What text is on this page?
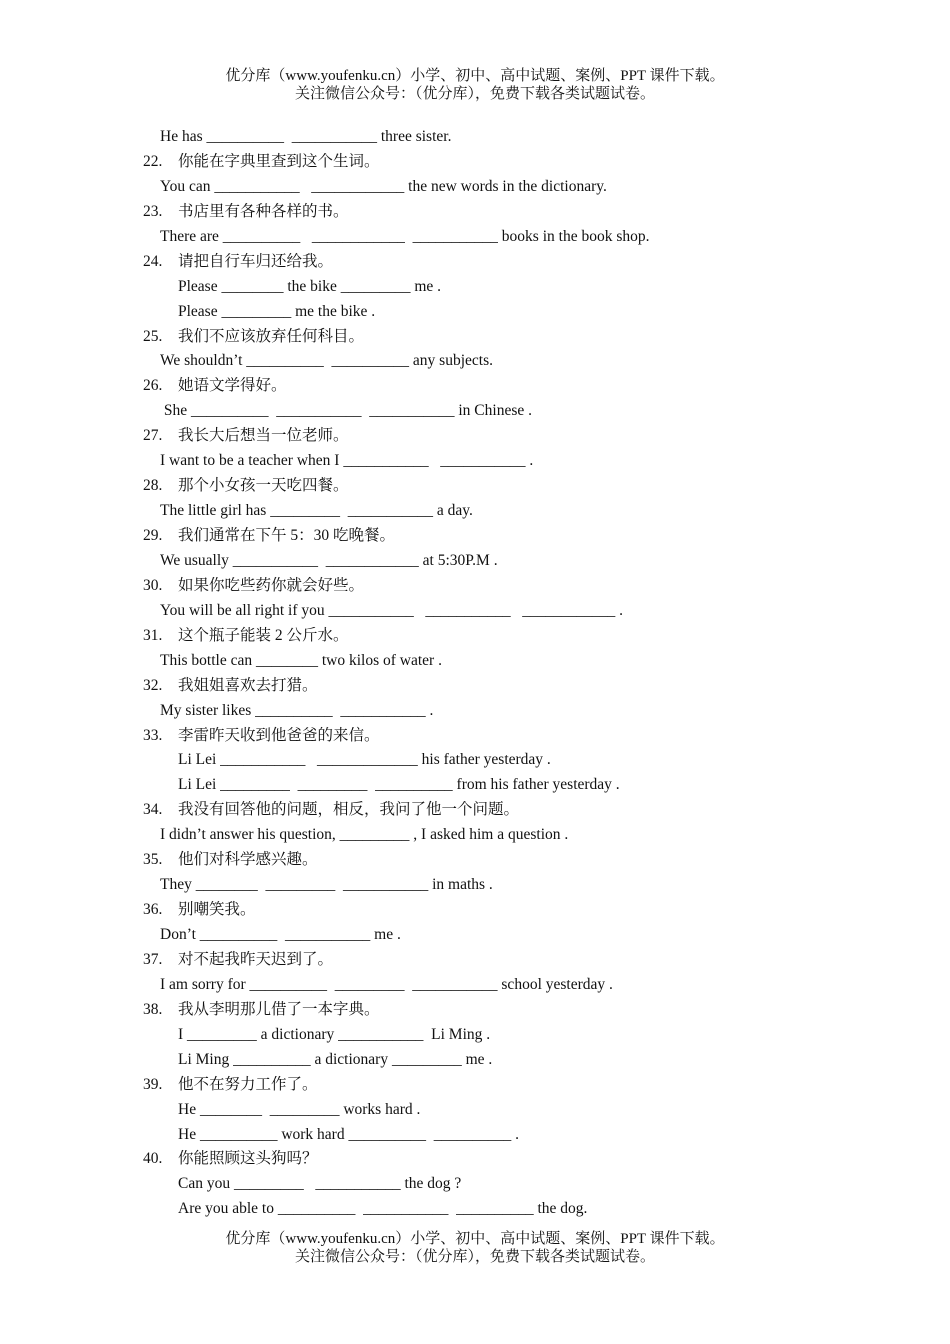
优分库（www.youfenku.cn）小学、初中、高中试题、案例、PPT 课件下载。
关注微信公众号：（优分库），免费下载各类试题试卷。
He has __________  ___________ three sister.
22. 你能在字典里查到这个生词。
You can ___________   ____________ the new words in the dictionary.
23. 书店里有各种各样的书。
There are __________   ____________  ___________ books in the book shop.
24. 请把自行车归还给我。
Please ________ the bike _________ me .
Please _________ me the bike .
25. 我们不应该放弃任何科目。
We shouldn’t __________  __________ any subjects.
26. 她语文学得好。
She __________  ___________  ___________ in Chinese .
27. 我长大后想当一位老师。
I want to be a teacher when I ___________   ___________ .
28. 那个小女孩一天吃四餐。
The little girl has _________  ___________ a day.
29. 我们通常在下午 5：30 吃晚餐。
We usually ___________  ____________ at 5:30P.M .
30. 如果你吃些药你就会好些。
You will be all right if you ___________   ___________   ____________ .
31. 这个瓶子能装 2 公斤水。
This bottle can ________ two kilos of water .
32. 我姐姐喜欢去打猎。
My sister likes __________  ___________ .
33. 李雷昨天收到他爸爸的来信。
Li Lei ___________   _____________ his father yesterday .
Li Lei _________  _________  __________ from his father yesterday .
34. 我没有回答他的问题，相反，我问了他一个问题。
I didn’t answer his question, _________ , I asked him a question .
35. 他们对科学感兴趣。
They ________  _________  ___________ in maths .
36. 别嘲笑我。
Don’t __________  ___________ me .
37. 对不起我昨天迟到了。
I am sorry for __________  _________  ___________ school yesterday .
38. 我从李明那儿借了一本字典。
I _________ a dictionary ___________  Li Ming .
Li Ming __________ a dictionary _________ me .
39. 他不在努力工作了。
He ________  _________ works hard .
He __________ work hard __________  __________ .
40. 你能照顾这头狗吗？
Can you _________   ___________ the dog ?
Are you able to __________  ___________  __________ the dog.
优分库（www.youfenku.cn）小学、初中、高中试题、案例、PPT 课件下载。
关注微信公众号：（优分库），免费下载各类试题试卷。
